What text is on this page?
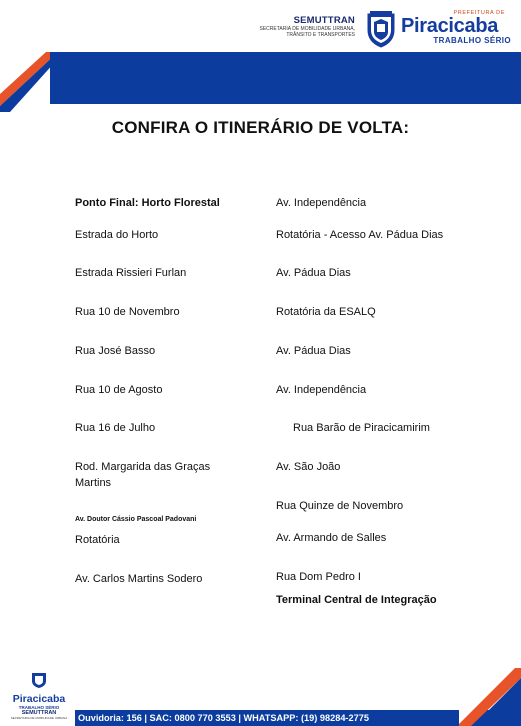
SEMUTTRAN
SECRETARIA DE MOBILIDADE URBANA,
TRÂNSITO E TRANSPORTES
PREFEITURA DE
Piracicaba
TRABALHO SÉRIO
CONFIRA O ITINERÁRIO DE VOLTA:
Ponto Final: Horto Florestal
Estrada do Horto
Estrada Rissieri Furlan
Rua 10 de Novembro
Rua José Basso
Rua 10 de Agosto
Rua 16 de Julho
Rod. Margarida das Graças Martins
Av. Doutor Cássio Pascoal Padovani
Rotatória
Av. Carlos Martins Sodero
Av. Independência
Rotatória - Acesso Av. Pádua Dias
Av. Pádua Dias
Rotatória da ESALQ
Av. Pádua Dias
Av. Independência
Rua Barão de Piracicamirim
Av. São João
Rua Quinze de Novembro
Av. Armando de Salles
Rua Dom Pedro I
Terminal Central de Integração
Piracicaba
TRABALHO SÉRIO
SEMUTTRAN
SECRETARIA DE MOBILIDADE URBANA	Ouvidoria: 156 | SAC: 0800 770 3553 | WHATSAPP: (19) 98284-2775
